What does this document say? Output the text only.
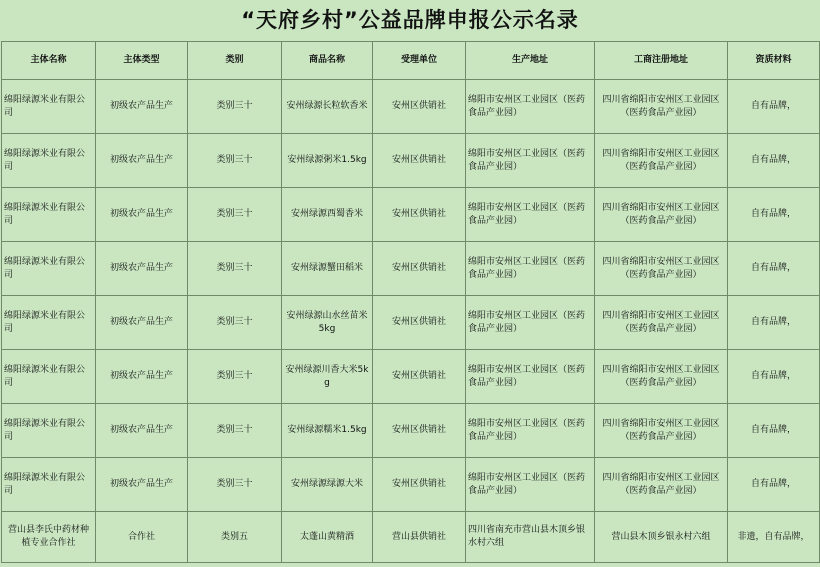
“天府乡村”公益品牌申报公示名录
主体名称	主体类型	类别	商品名称	受理单位	生产地址	工商注册地址	资质材料
绵阳绿源米业有限公司	初级农产品生产	类别三十	安州绿源长粒软香米	安州区供销社	绵阳市安州区工业园区（医药食品产业园）	四川省绵阳市安州区工业园区（医药食品产业园）	自有品牌，
绵阳绿源米业有限公司	初级农产品生产	类别三十	安州绿源粥米1.5kg	安州区供销社	绵阳市安州区工业园区（医药食品产业园）	四川省绵阳市安州区工业园区（医药食品产业园）	自有品牌，
绵阳绿源米业有限公司	初级农产品生产	类别三十	安州绿源西蜀香米	安州区供销社	绵阳市安州区工业园区（医药食品产业园）	四川省绵阳市安州区工业园区（医药食品产业园）	自有品牌，
绵阳绿源米业有限公司	初级农产品生产	类别三十	安州绿源蟹田稻米	安州区供销社	绵阳市安州区工业园区（医药食品产业园）	四川省绵阳市安州区工业园区（医药食品产业园）	自有品牌，
绵阳绿源米业有限公司	初级农产品生产	类别三十	安州绿源山水丝苗米5kg	安州区供销社	绵阳市安州区工业园区（医药食品产业园）	四川省绵阳市安州区工业园区（医药食品产业园）	自有品牌，
绵阳绿源米业有限公司	初级农产品生产	类别三十	安州绿源川香大米5kg	安州区供销社	绵阳市安州区工业园区（医药食品产业园）	四川省绵阳市安州区工业园区（医药食品产业园）	自有品牌，
绵阳绿源米业有限公司	初级农产品生产	类别三十	安州绿源糯米1.5kg	安州区供销社	绵阳市安州区工业园区（医药食品产业园）	四川省绵阳市安州区工业园区（医药食品产业园）	自有品牌，
绵阳绿源米业有限公司	初级农产品生产	类别三十	安州绿源绿源大米	安州区供销社	绵阳市安州区工业园区（医药食品产业园）	四川省绵阳市安州区工业园区（医药食品产业园）	自有品牌，
营山县李氏中药材种植专业合作社	合作社	类别五	太蓬山黄精酒	营山县供销社	四川省南充市营山县木顶乡银水村六组	营山县木顶乡银永村六组	非遗，自有品牌，
